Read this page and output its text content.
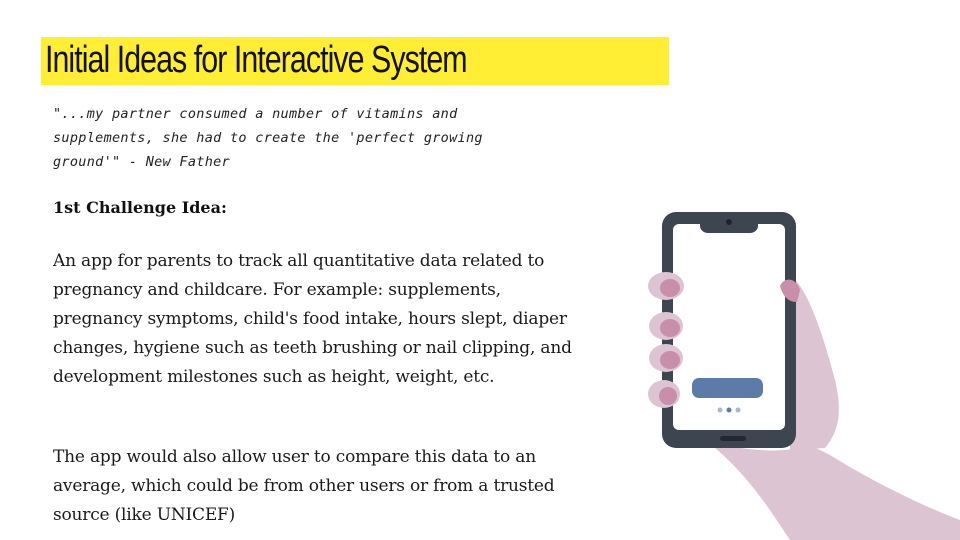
Initial Ideas for Interactive System
"...my partner consumed a number of vitamins and supplements, she had to create the 'perfect growing ground'" - New Father
1st Challenge Idea:
An app for parents to track all quantitative data related to pregnancy and childcare. For example: supplements, pregnancy symptoms, child's food intake, hours slept, diaper changes, hygiene such as teeth brushing or nail clipping, and development milestones such as height, weight, etc.
The app would also allow user to compare this data to an average, which could be from other users or from a trusted source (like UNICEF)
